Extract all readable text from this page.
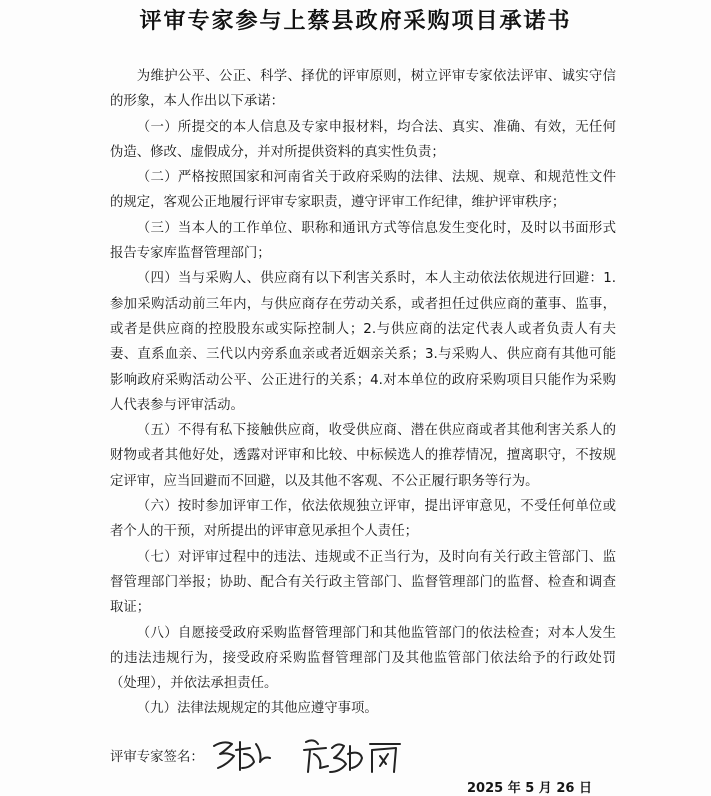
评审专家参与上蔡县政府采购项目承诺书

为维护公平、公正、科学、择优的评审原则，树立评审专家依法评审、诚实守信的形象，本人作出以下承诺：

（一）所提交的本人信息及专家申报材料，均合法、真实、准确、有效，无任何伪造、修改、虚假成分，并对所提供资料的真实性负责；

（二）严格按照国家和河南省关于政府采购的法律、法规、规章、和规范性文件的规定，客观公正地履行评审专家职责，遵守评审工作纪律，维护评审秩序；

（三）当本人的工作单位、职称和通讯方式等信息发生变化时，及时以书面形式报告专家库监督管理部门；

（四）当与采购人、供应商有以下利害关系时，本人主动依法依规进行回避：1.参加采购活动前三年内，与供应商存在劳动关系，或者担任过供应商的董事、监事，或者是供应商的控股股东或实际控制人；2.与供应商的法定代表人或者负责人有夫妻、直系血亲、三代以内旁系血亲或者近姻亲关系；3.与采购人、供应商有其他可能影响政府采购活动公平、公正进行的关系；4.对本单位的政府采购项目只能作为采购人代表参与评审活动。

（五）不得有私下接触供应商，收受供应商、潜在供应商或者其他利害关系人的财物或者其他好处，透露对评审和比较、中标候选人的推荐情况，擅离职守，不按规定评审，应当回避而不回避，以及其他不客观、不公正履行职务等行为。

（六）按时参加评审工作，依法依规独立评审，提出评审意见，不受任何单位或者个人的干预，对所提出的评审意见承担个人责任；

（七）对评审过程中的违法、违规或不正当行为，及时向有关行政主管部门、监督管理部门举报；协助、配合有关行政主管部门、监督管理部门的监督、检查和调查取证；

（八）自愿接受政府采购监督管理部门和其他监管部门的依法检查；对本人发生的违法违规行为，接受政府采购监督管理部门及其他监管部门依法给予的行政处罚（处理），并依法承担责任。

（九）法律法规规定的其他应遵守事项。

评审专家签名：
2025 年 5 月 26 日
